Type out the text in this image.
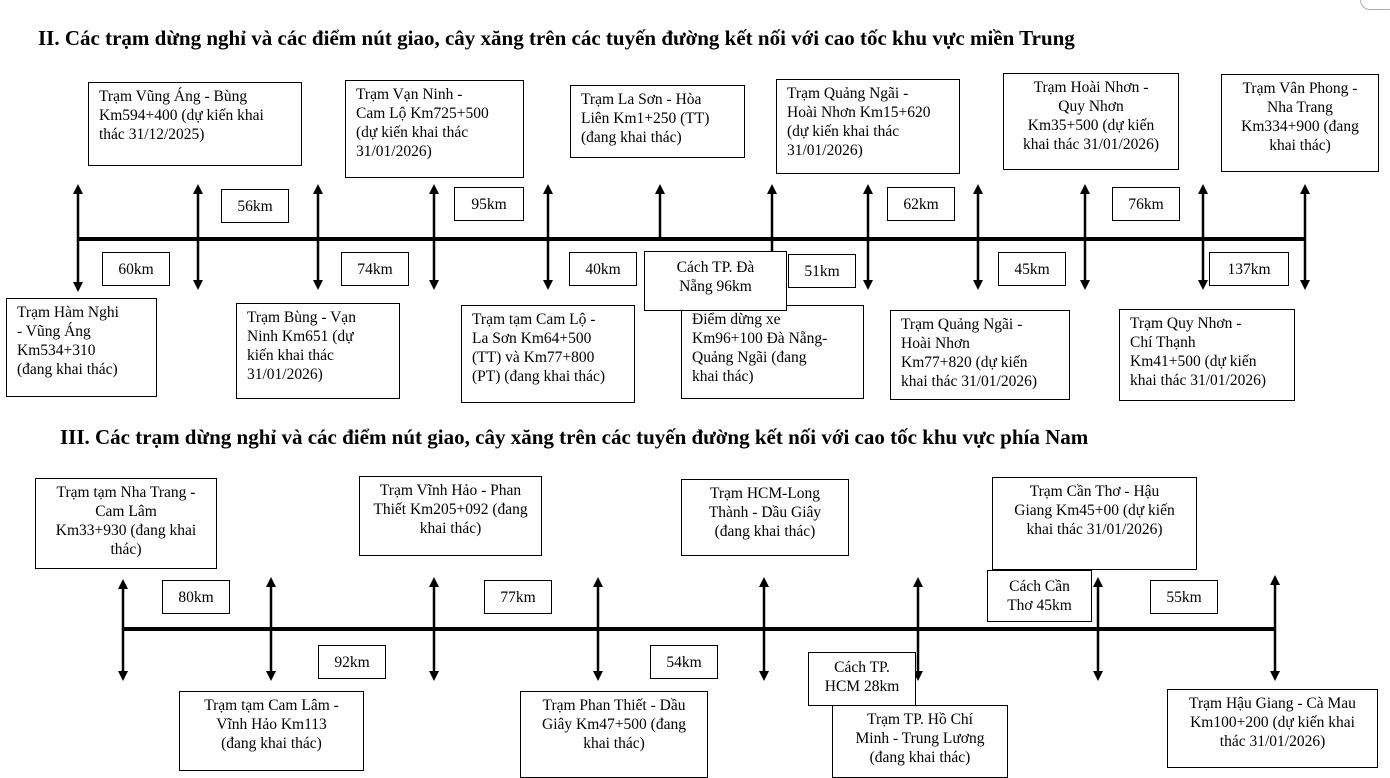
II. Các trạm dừng nghỉ và các điểm nút giao, cây xăng trên các tuyến đường kết nối với cao tốc khu vực miền Trung
Trạm Vũng Áng - Bùng
Km594+400 (dự kiến khai
thác 31/12/2025)
Trạm Vạn Ninh -
Cam Lộ Km725+500
(dự kiến khai thác
31/01/2026)
Trạm La Sơn - Hòa
Liên Km1+250 (TT)
(đang khai thác)
Trạm Quảng Ngãi -
Hoài Nhơn Km15+620
(dự kiến khai thác
31/01/2026)
Trạm Hoài Nhơn -
Quy Nhơn
Km35+500 (dự kiến
khai thác 31/01/2026)
Trạm Vân Phong -
Nha Trang
Km334+900 (đang
khai thác)
Trạm Hàm Nghi
- Vũng Áng
Km534+310
(đang khai thác)
Trạm Bùng - Vạn
Ninh Km651 (dự
kiến khai thác
31/01/2026)
Trạm tạm Cam Lộ -
La Sơn Km64+500
(TT) và Km77+800
(PT) (đang khai thác)
Điểm dừng xe
Km96+100 Đà Nẵng-
Quảng Ngãi (đang
khai thác)
Trạm Quảng Ngãi -
Hoài Nhơn
Km77+820 (dự kiến
khai thác 31/01/2026)
Trạm Quy Nhơn -
Chí Thạnh
Km41+500 (dự kiến
khai thác 31/01/2026)
56km	95km	62km	76km
60km	74km	40km	51km	45km	137km
Cách TP. Đà
Nẵng 96km
III. Các trạm dừng nghỉ và các điểm nút giao, cây xăng trên các tuyến đường kết nối với cao tốc khu vực phía Nam
Trạm tạm Nha Trang -
Cam Lâm
Km33+930 (đang khai
thác)
Trạm Vĩnh Hảo - Phan
Thiết Km205+092 (đang
khai thác)
Trạm HCM-Long
Thành - Dầu Giây
(đang khai thác)
Trạm Cần Thơ - Hậu
Giang Km45+00 (dự kiến
khai thác 31/01/2026)
Trạm tạm Cam Lâm -
Vĩnh Hảo Km113
(đang khai thác)
Trạm Phan Thiết - Dầu
Giây Km47+500 (đang
khai thác)
Trạm TP. Hồ Chí
Minh - Trung Lương
(đang khai thác)
Trạm Hậu Giang - Cà Mau
Km100+200 (dự kiến khai
thác 31/01/2026)
80km	77km	55km
92km	54km
Cách Cần
Thơ 45km
Cách TP.
HCM 28km
